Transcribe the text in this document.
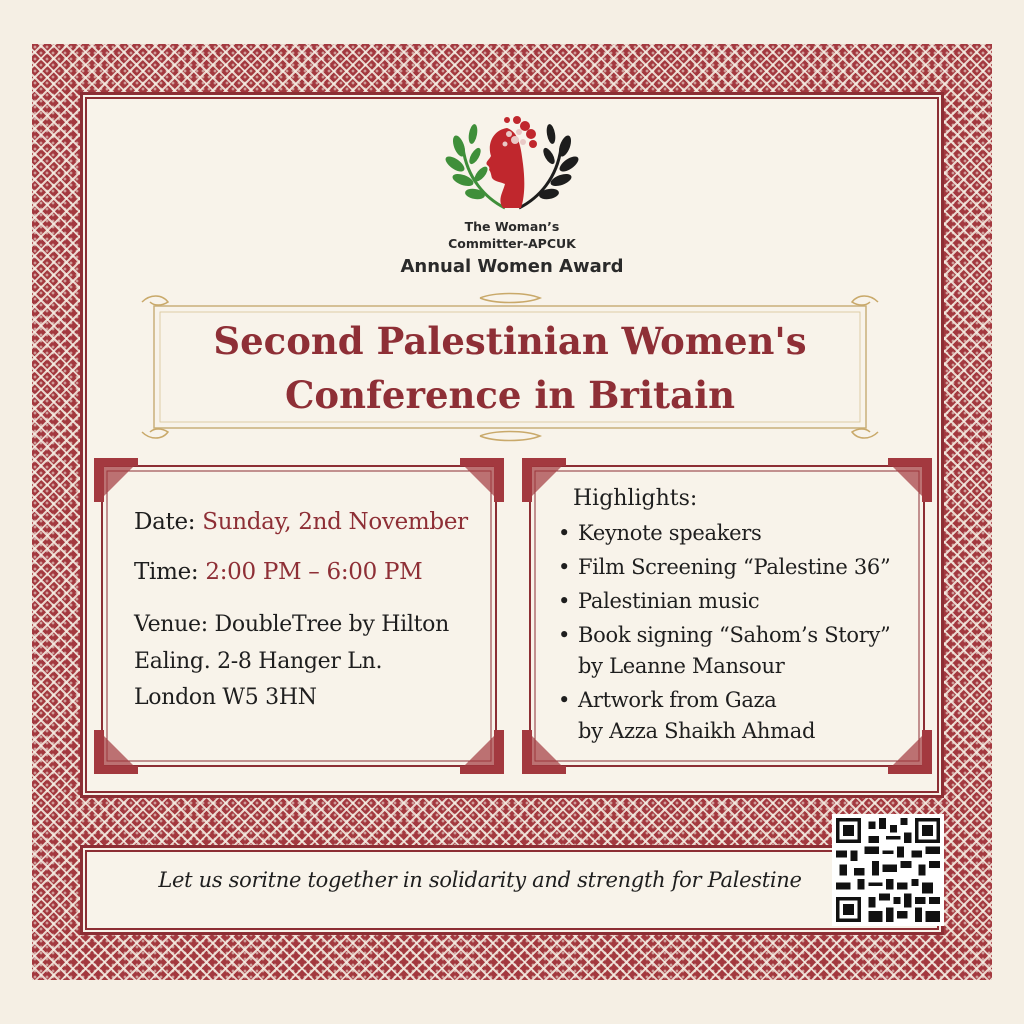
The Woman’s
Committer-APCUK
Annual Women Award
Second Palestinian Women's
Conference in Britain
Date: Sunday, 2nd November
Time: 2:00 PM – 6:00 PM
Venue: DoubleTree by Hilton
Ealing. 2-8 Hanger Ln.
London W5 3HN
Highlights:
• Keynote speakers
• Film Screening “Palestine 36”
• Palestinian music
• Book signing “Sahom’s Story”
by Leanne Mansour
• Artwork from Gaza
by Azza Shaikh Ahmad
Let us soritne together in solidarity and strength for Palestine
